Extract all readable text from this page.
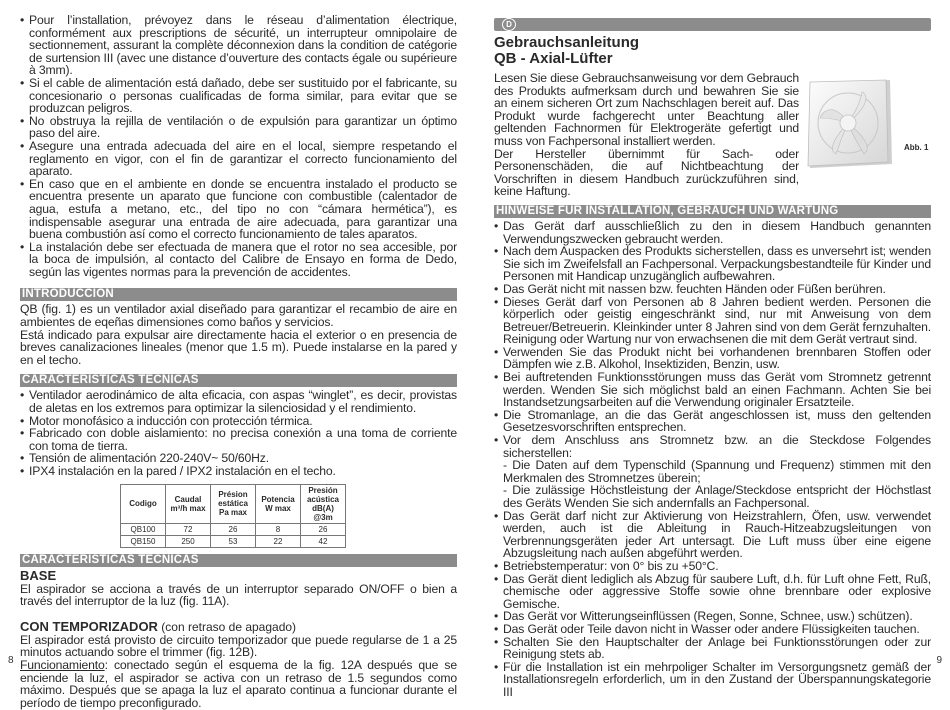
• Pour l’installation, prévoyez dans le réseau d’alimentation électrique, conformément aux prescriptions de sécurité, un interrupteur omnipolaire de sectionnement, assurant la complète déconnexion dans la condition de catégorie de surtension III (avec une distance d’ouverture des contacts égale ou supérieure à 3mm).

• Si el cable de alimentación está dañado, debe ser sustituido por el fabricante, su concesionario o personas cualificadas de forma similar, para evitar que se produzcan peligros.

• No obstruya la rejilla de ventilación o de expulsión para garantizar un óptimo paso del aire.

• Asegure una entrada adecuada del aire en el local, siempre respetando el reglamento en vigor, con el fin de garantizar el correcto funcionamiento del aparato.

• En caso que en el ambiente en donde se encuentra instalado el producto se encuentra presente un aparato que funcione con combustible (calentador de agua, estufa a metano, etc., del tipo no con “cámara hermética”), es indispensable asegurar una entrada de aire adecuada, para garantizar una buena combustión así como el correcto funcionamiento de tales aparatos.

• La instalación debe ser efectuada de manera que el rotor no sea accesible, por la boca de impulsión, al contacto del Calibre de Ensayo en forma de Dedo, según las vigentes normas para la prevención de accidentes.

INTRODUCCION

QB (fig. 1) es un ventilador axial diseñado para garantizar el recambio de aire en ambientes de eqeñas dimensiones como baños y servicios.

Está indicado para expulsar aire directamente hacia el exterior o en presencia de breves canalizaciones lineales (menor que 1.5 m). Puede instalarse en la pared y en el techo.

CARACTERÍSTICAS TÉCNICAS

• Ventilador aerodinámico de alta eficacia, con aspas “winglet”, es decir, provistas de aletas en los extremos para optimizar la silenciosidad y el rendimiento.

• Motor monofásico a inducción con protección térmica.

• Fabricado con doble aislamiento: no precisa conexión a una toma de corriente con toma de tierra.

• Tensión de alimentación 220-240V~ 50/60Hz.

• IPX4 instalación en la pared / IPX2 instalación en el techo.

Codigo	Caudal m³/h max	Présion estática Pa max	Potencia W max	Presión acústica dB(A) @3m
QB100	72	26	8	26
QB150	250	53	22	42
CARACTERÍSTICAS TÉCNICAS
BASE

El aspirador se acciona a través de un interruptor separado ON/OFF o bien a través del interruptor de la luz (fig. 11A).

CON TEMPORIZADOR (con retraso de apagado)

El aspirador está provisto de circuito temporizador que puede regularse de 1 a 25 minutos actuando sobre el trimmer (fig. 12B).

Funcionamiento: conectado según el esquema de la fig. 12A después que se enciende la luz, el aspirador se activa con un retraso de 1.5 segundos como máximo. Después que se apaga la luz el aparato continua a funcionar durante el período de tiempo preconfigurado.

8
D
Gebrauchsanleitung
QB - Axial-Lüfter

Lesen Sie diese Gebrauchsanweisung vor dem Gebrauch des Produkts aufmerksam durch und bewahren Sie sie an einem sicheren Ort zum Nachschlagen bereit auf. Das Produkt wurde fachgerecht unter Beachtung aller geltenden Fachnormen für Elektrogeräte gefertigt und muss von Fachpersonal installiert werden.

Der Hersteller übernimmt für Sach- oder Personenschäden, die auf Nichtbeachtung der Vorschriften in diesem Handbuch zurückzuführen sind, keine Haftung.

Abb. 1
HINWEISE FÜR INSTALLATION, GEBRAUCH UND WARTUNG

• Das Gerät darf ausschließlich zu den in diesem Handbuch genannten Verwendungszwecken gebraucht werden.

• Nach dem Auspacken des Produkts sicherstellen, dass es unversehrt ist; wenden Sie sich im Zweifelsfall an Fachpersonal. Verpackungsbestandteile für Kinder und Personen mit Handicap unzugänglich aufbewahren.

• Das Gerät nicht mit nassen bzw. feuchten Händen oder Füßen berühren.

• Dieses Gerät darf von Personen ab 8 Jahren bedient werden. Personen die körperlich oder geistig eingeschränkt sind, nur mit Anweisung von dem Betreuer/Betreuerin. Kleinkinder unter 8 Jahren sind von dem Gerät fernzuhalten. Reinigung oder Wartung nur von erwachsenen die mit dem Gerät vertraut sind.

• Verwenden Sie das Produkt nicht bei vorhandenen brennbaren Stoffen oder Dämpfen wie z.B. Alkohol, Insektiziden, Benzin, usw.

• Bei auftretenden Funktionsstörungen muss das Gerät vom Stromnetz getrennt werden. Wenden Sie sich möglichst bald an einen Fachmann. Achten Sie bei Instandsetzungsarbeiten auf die Verwendung originaler Ersatzteile.

• Die Stromanlage, an die das Gerät angeschlossen ist, muss den geltenden Gesetzesvorschriften entsprechen.

• Vor dem Anschluss ans Stromnetz bzw. an die Steckdose Folgendes sicherstellen:

- Die Daten auf dem Typenschild (Spannung und Frequenz) stimmen mit den Merkmalen des Stromnetzes überein;

- Die zulässige Höchstleistung der Anlage/Steckdose entspricht der Höchstlast des Geräts Wenden Sie sich andernfalls an Fachpersonal.

• Das Gerät darf nicht zur Aktivierung von Heizstrahlern, Öfen, usw. verwendet werden, auch ist die Ableitung in Rauch-Hitzeabzugsleitungen von Verbrennungsgeräten jeder Art untersagt. Die Luft muss über eine eigene Abzugsleitung nach außen abgeführt werden.

• Betriebstemperatur: von 0° bis zu +50°C.

• Das Gerät dient lediglich als Abzug für saubere Luft, d.h. für Luft ohne Fett, Ruß, chemische oder aggressive Stoffe sowie ohne brennbare oder explosive Gemische.

• Das Gerät vor Witterungseinflüssen (Regen, Sonne, Schnee, usw.) schützen).

• Das Gerät oder Teile davon nicht in Wasser oder andere Flüssigkeiten tauchen.

• Schalten Sie den Hauptschalter der Anlage bei Funktionsstörungen oder zur Reinigung stets ab.

• Für die Installation ist ein mehrpoliger Schalter im Versorgungsnetz gemäß der Installationsregeln erforderlich, um in den Zustand der Überspannungskategorie III

9
